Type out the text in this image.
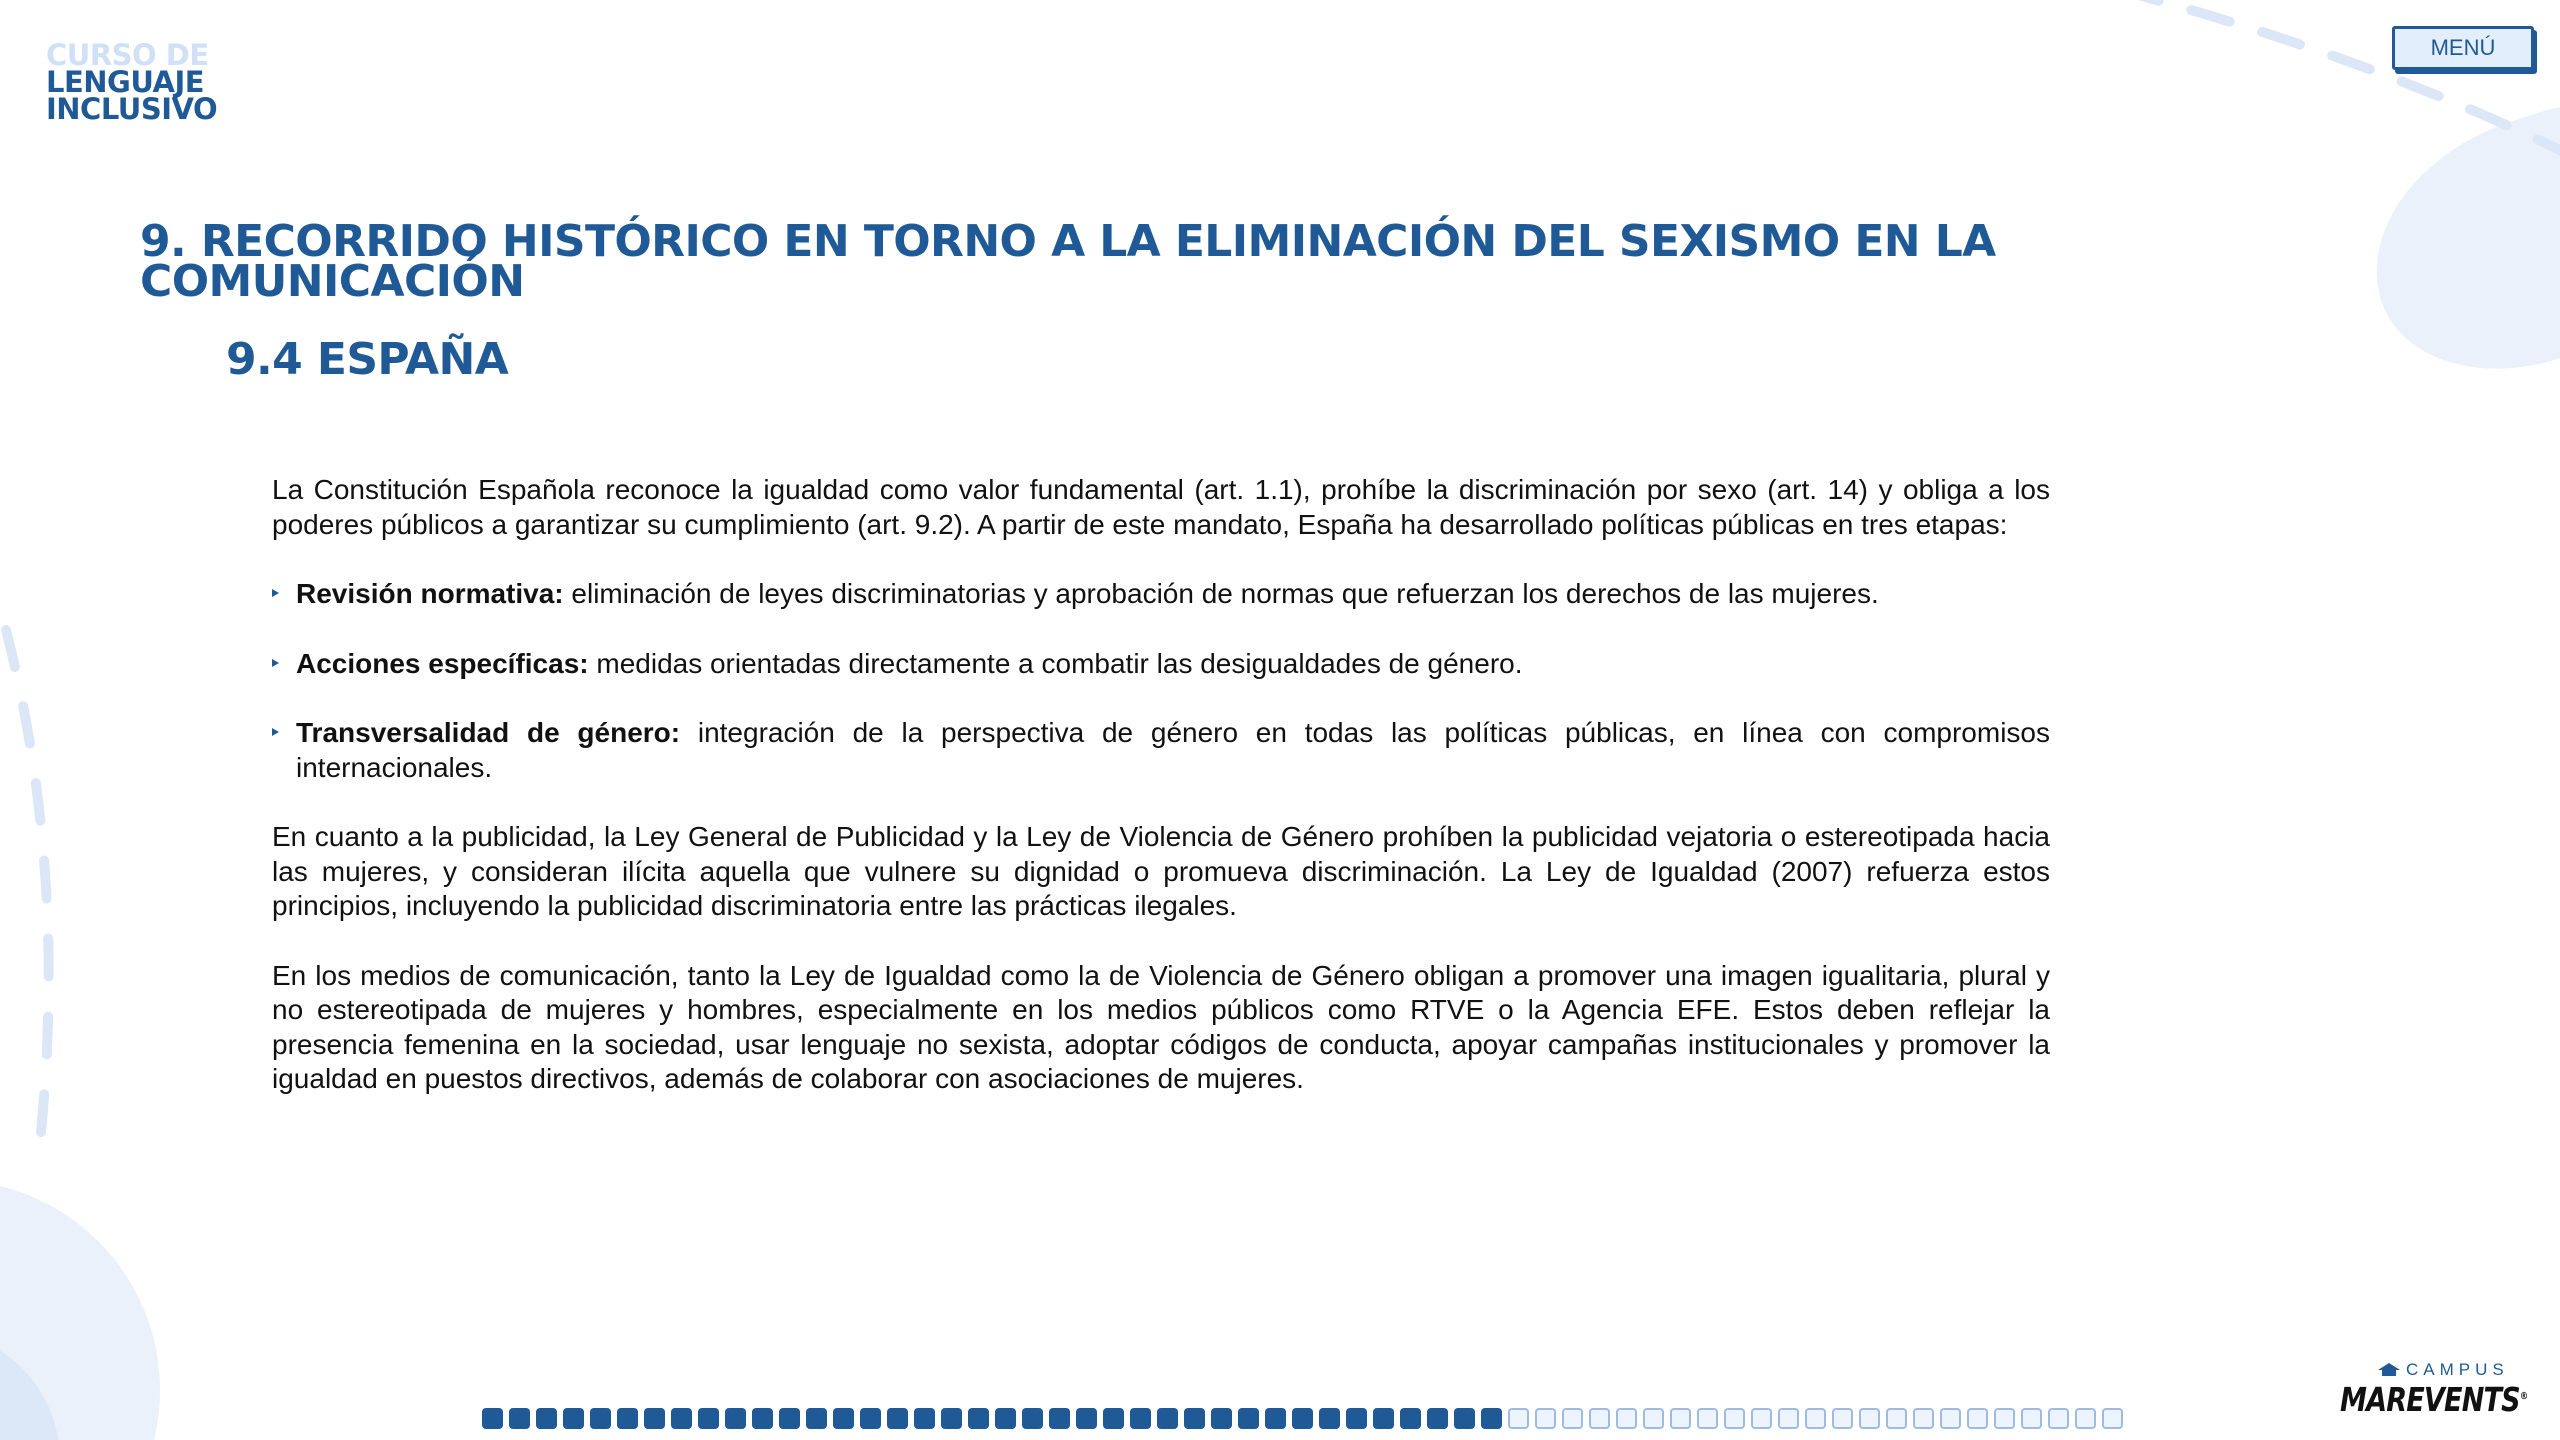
CURSO DE
LENGUAJE
INCLUSIVO
MENÚ
9. RECORRIDO HISTÓRICO EN TORNO A LA ELIMINACIÓN DEL SEXISMO EN LA COMUNICACIÓN
9.4 ESPAÑA

La Constitución Española reconoce la igualdad como valor fundamental (art. 1.1), prohíbe la discriminación por sexo (art. 14) y obliga a los poderes públicos a garantizar su cumplimiento (art. 9.2). A partir de este mandato, España ha desarrollado políticas públicas en tres etapas:

Revisión normativa: eliminación de leyes discriminatorias y aprobación de normas que refuerzan los derechos de las mujeres.
Acciones específicas: medidas orientadas directamente a combatir las desigualdades de género.
Transversalidad de género: integración de la perspectiva de género en todas las políticas públicas, en línea con compromisos internacionales.

En cuanto a la publicidad, la Ley General de Publicidad y la Ley de Violencia de Género prohíben la publicidad vejatoria o estereotipada hacia las mujeres, y consideran ilícita aquella que vulnere su dignidad o promueva discriminación. La Ley de Igualdad (2007) refuerza estos principios, incluyendo la publicidad discriminatoria entre las prácticas ilegales.

En los medios de comunicación, tanto la Ley de Igualdad como la de Violencia de Género obligan a promover una imagen igualitaria, plural y no estereotipada de mujeres y hombres, especialmente en los medios públicos como RTVE o la Agencia EFE. Estos deben reflejar la presencia femenina en la sociedad, usar lenguaje no sexista, adoptar códigos de conducta, apoyar campañas institucionales y promover la igualdad en puestos directivos, además de colaborar con asociaciones de mujeres.

CAMPUS
MAREVENTS®
